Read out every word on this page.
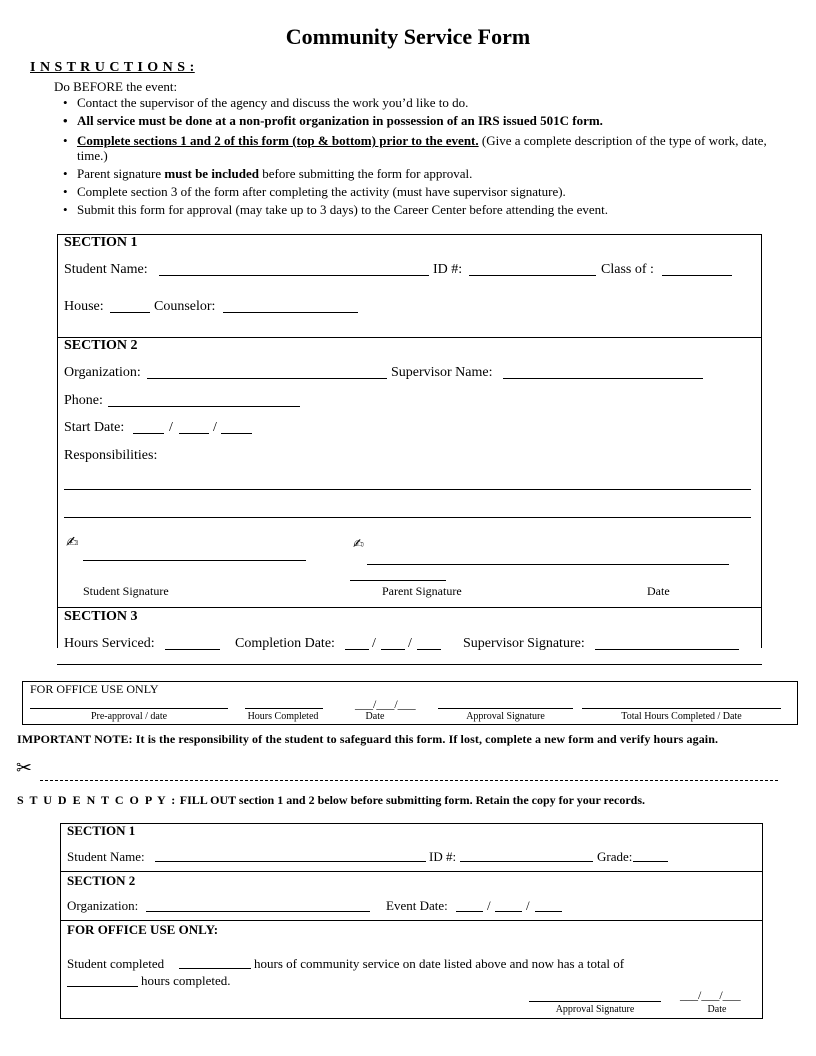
Community Service Form
I N S T R U C T I O N S :
Do BEFORE the event:
• Contact the supervisor of the agency and discuss the work you’d like to do.
• All service must be done at a non-profit organization in possession of an IRS issued 501C form.
• Complete sections 1 and 2 of this form (top & bottom) prior to the event. (Give a complete description of the type of work, date, time.)
• Parent signature must be included before submitting the form for approval.
• Complete section 3 of the form after completing the activity (must have supervisor signature).
• Submit this form for approval (may take up to 3 days) to the Career Center before attending the event.
SECTION 1
Student Name:	ID #:	Class of :
House:	Counselor:
SECTION 2
Organization:	Supervisor Name:
Phone:
Start Date:	/	/
Responsibilities:
✍	✍
Student Signature	Parent Signature	Date
SECTION 3
Hours Serviced:	Completion Date:	/ /	Supervisor Signature:
FOR OFFICE USE ONLY
___/___/___
Pre-approval / date	Hours Completed	Date	Approval Signature	Total Hours Completed / Date
IMPORTANT NOTE: It is the responsibility of the student to safeguard this form. If lost, complete a new form and verify hours again.
✂
S T U D E N T C O P Y : FILL OUT section 1 and 2 below before submitting form. Retain the copy for your records.
SECTION 1
Student Name:	ID #:	Grade:
SECTION 2
Organization:	Event Date:	/	/
FOR OFFICE USE ONLY:
Student completed	hours of community service on date listed above and now has a total of
hours completed.
___/___/___
Approval Signature	Date
